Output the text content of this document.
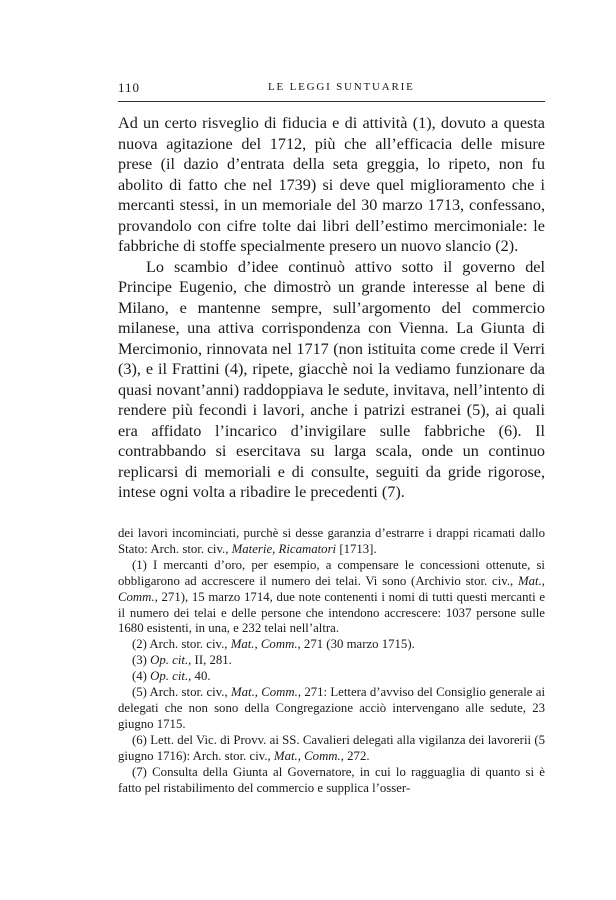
110	LE LEGGI SUNTUARIE

Ad un certo risveglio di fiducia e di attività (1), dovuto a questa nuova agitazione del 1712, più che all’efficacia delle misure prese (il dazio d’entrata della seta greggia, lo ripeto, non fu abolito di fatto che nel 1739) si deve quel miglioramento che i mercanti stessi, in un memoriale del 30 marzo 1713, confessano, provandolo con cifre tolte dai libri dell’estimo mercimoniale: le fabbriche di stoffe specialmente presero un nuovo slancio (2).

Lo scambio d’idee continuò attivo sotto il governo del Principe Eugenio, che dimostrò un grande interesse al bene di Milano, e mantenne sempre, sull’argomento del commercio milanese, una attiva corrispondenza con Vienna. La Giunta di Mercimonio, rinnovata nel 1717 (non istituita come crede il Verri (3), e il Frattini (4), ripete, giacchè noi la vediamo funzionare da quasi novant’anni) raddoppiava le sedute, invitava, nell’intento di rendere più fecondi i lavori, anche i patrizi estranei (5), ai quali era affidato l’incarico d’invigilare sulle fabbriche (6). Il contrabbando si esercitava su larga scala, onde un continuo replicarsi di memoriali e di consulte, seguiti da gride rigorose, intese ogni volta a ribadire le precedenti (7).

dei lavori incominciati, purchè si desse garanzia d’estrarre i drappi ricamati dallo Stato: Arch. stor. civ., Materie, Ricamatori [1713].

(1) I mercanti d’oro, per esempio, a compensare le concessioni ottenute, si obbligarono ad accrescere il numero dei telai. Vi sono (Archivio stor. civ., Mat., Comm., 271), 15 marzo 1714, due note contenenti i nomi di tutti questi mercanti e il numero dei telai e delle persone che intendono accrescere: 1037 persone sulle 1680 esistenti, in una, e 232 telai nell’altra.

(2) Arch. stor. civ., Mat., Comm., 271 (30 marzo 1715).

(3) Op. cit., II, 281.

(4) Op. cit., 40.

(5) Arch. stor. civ., Mat., Comm., 271: Lettera d’avviso del Consiglio generale ai delegati che non sono della Congregazione acciò intervengano alle sedute, 23 giugno 1715.

(6) Lett. del Vic. di Provv. ai SS. Cavalieri delegati alla vigilanza dei lavorerii (5 giugno 1716): Arch. stor. civ., Mat., Comm., 272.

(7) Consulta della Giunta al Governatore, in cui lo ragguaglia di quanto si è fatto pel ristabilimento del commercio e supplica l’osser-
